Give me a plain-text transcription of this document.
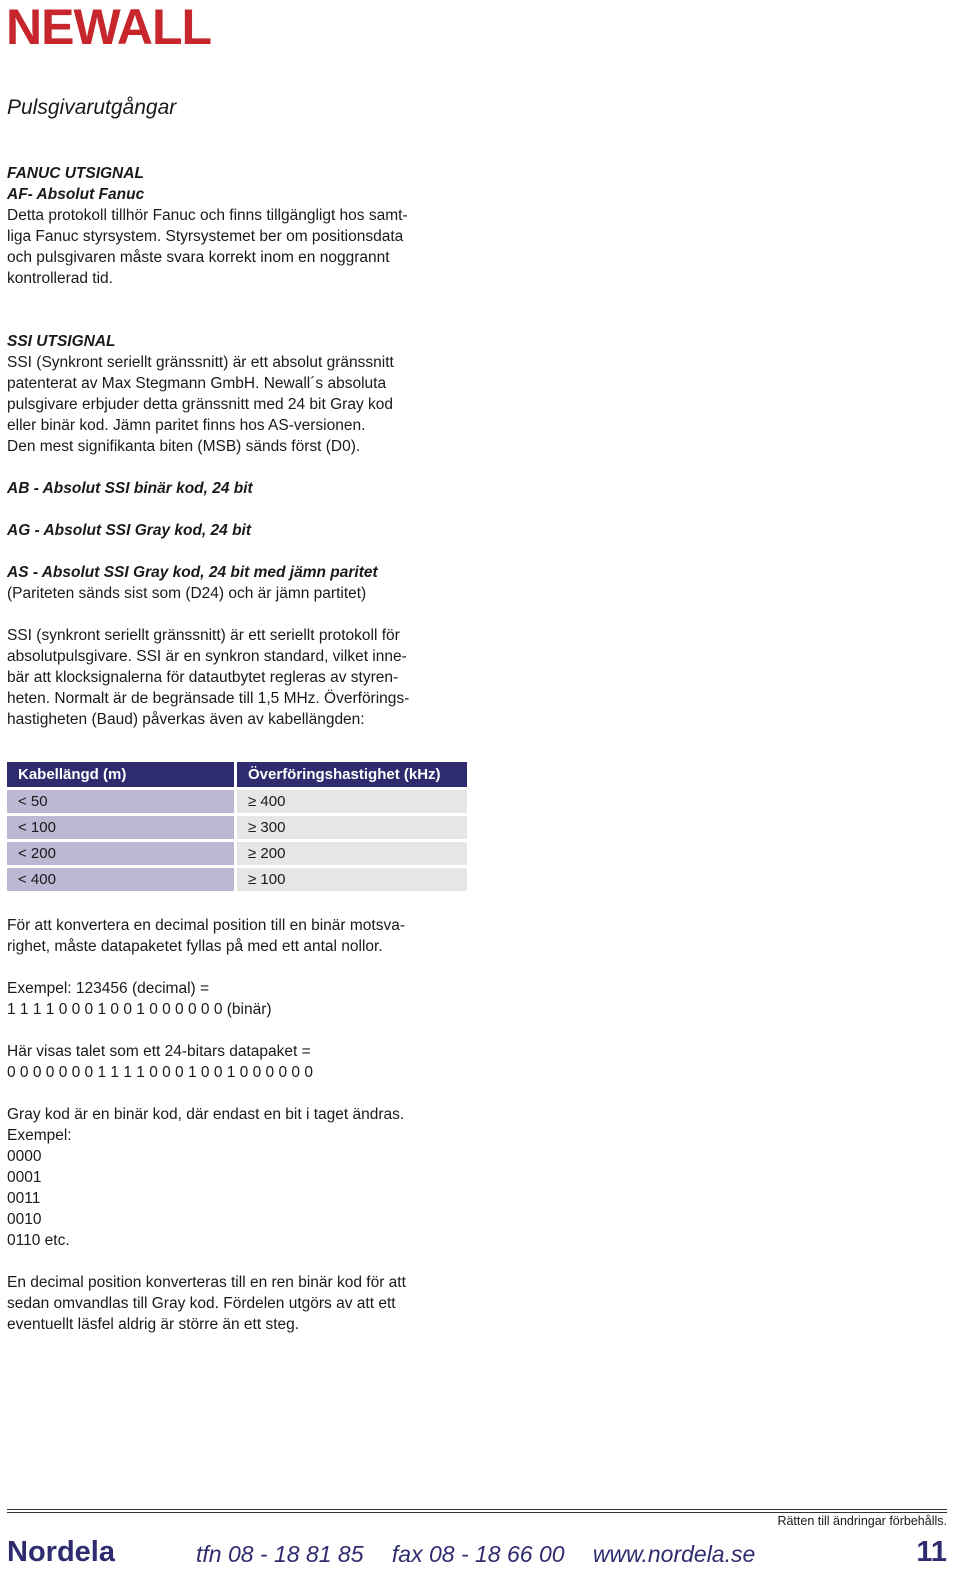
NEWALL
Pulsgivarutgångar

FANUC UTSIGNAL

AF- Absolut Fanuc

Detta protokoll tillhör Fanuc och finns tillgängligt hos samt-

liga Fanuc styrsystem. Styrsystemet ber om positionsdata

och pulsgivaren måste svara korrekt inom en noggrannt

kontrollerad tid.

SSI UTSIGNAL

SSI (Synkront seriellt gränssnitt) är ett absolut gränssnitt

patenterat av Max Stegmann GmbH. Newall´s absoluta

pulsgivare erbjuder detta gränssnitt med 24 bit Gray kod

eller binär kod. Jämn paritet finns hos AS-versionen.

Den mest signifikanta biten (MSB) sänds först (D0).

AB - Absolut SSI binär kod, 24 bit

AG - Absolut SSI Gray kod, 24 bit

AS - Absolut SSI Gray kod, 24 bit med jämn paritet

(Pariteten sänds sist som (D24) och är jämn partitet)

SSI (synkront seriellt gränssnitt) är ett seriellt protokoll för

absolutpulsgivare. SSI är en synkron standard, vilket inne-

bär att klocksignalerna för datautbytet regleras av styren-

heten. Normalt är de begränsade till 1,5 MHz. Överförings-

hastigheten (Baud) påverkas även av kabellängden:

Kabellängd (m)	Överföringshastighet (kHz)
< 50	≥ 400
< 100	≥ 300
< 200	≥ 200
< 400	≥ 100

För att konvertera en decimal position till en binär motsva-

righet, måste datapaketet fyllas på med ett antal nollor.

Exempel: 123456 (decimal) =

1 1 1 1 0 0 0 1 0 0 1 0 0 0 0 0 0 (binär)

Här visas talet som ett 24-bitars datapaket =

0 0 0 0 0 0 0 1 1 1 1 0 0 0 1 0 0 1 0 0 0 0 0 0

Gray kod är en binär kod, där endast en bit i taget ändras.

Exempel:

0000

0001

0011

0010

0110 etc.

En decimal position konverteras till en ren binär kod för att

sedan omvandlas till Gray kod. Fördelen utgörs av att ett

eventuellt läsfel aldrig är större än ett steg.

Rätten till ändringar förbehålls.
Nordela	tfn 08 - 18 81 85 fax 08 - 18 66 00 www.nordela.se	11
